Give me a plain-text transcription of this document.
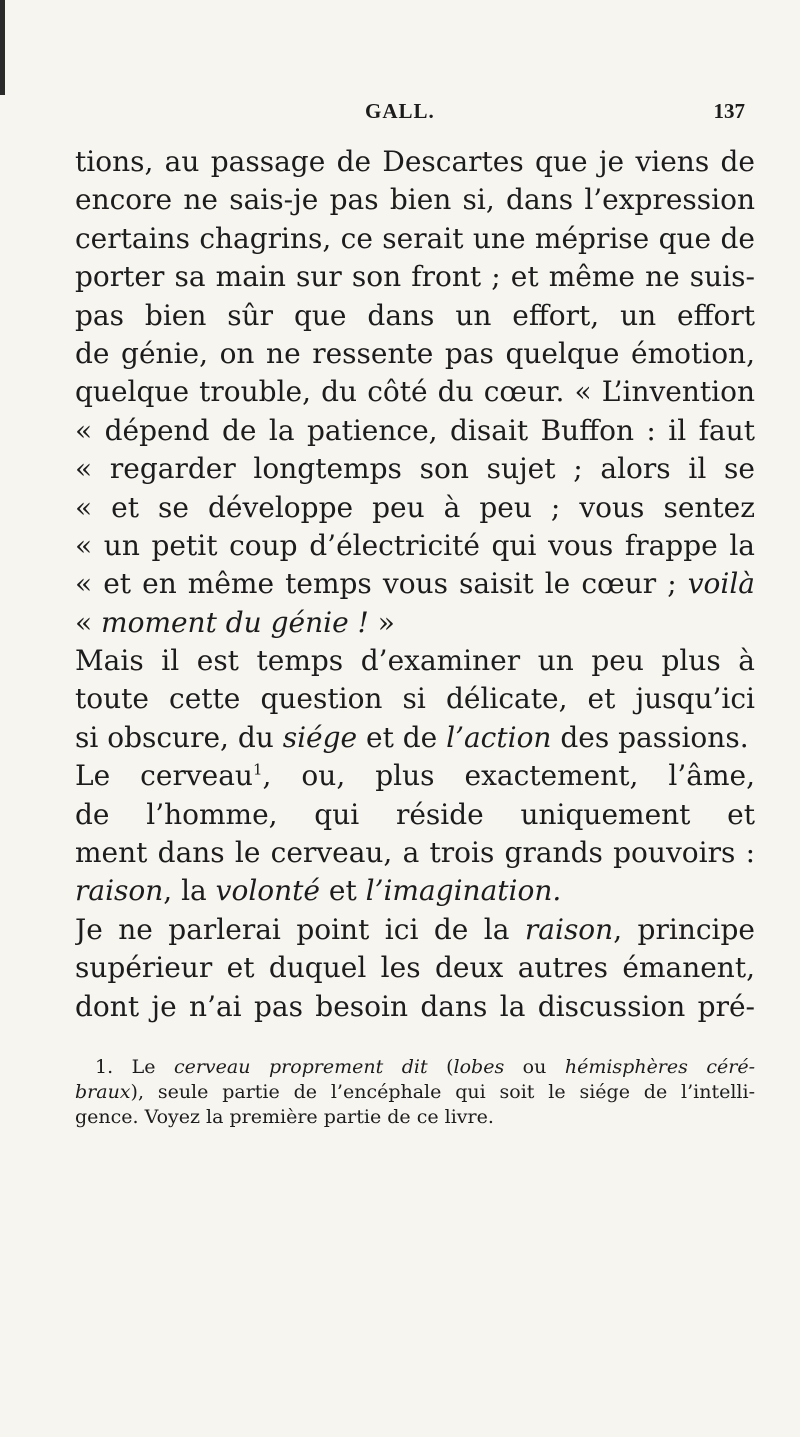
GALL.	137
tions, au passage de Descartes que je viens de
encore ne sais-je pas bien si, dans l’expression
certains chagrins, ce serait une méprise que de
porter sa main sur son front ; et même ne suis-
pas bien sûr que dans un effort, un effort
de génie, on ne ressente pas quelque émotion,
quelque trouble, du côté du cœur. « L’invention
« dépend de la patience, disait Buffon : il faut
« regarder longtemps son sujet ; alors il se
« et se développe peu à peu ; vous sentez
« un petit coup d’électricité qui vous frappe la
« et en même temps vous saisit le cœur ; voilà
« moment du génie ! »
Mais il est temps d’examiner un peu plus à
toute cette question si délicate, et jusqu’ici
si obscure, du siége et de l’action des passions.
Le cerveau$^1$, ou, plus exactement, l’âme,
de l’homme, qui réside uniquement et
ment dans le cerveau, a trois grands pouvoirs :
raison, la volonté et l’imagination.
Je ne parlerai point ici de la raison, principe
supérieur et duquel les deux autres émanent,
dont je n’ai pas besoin dans la discussion pré-
1. Le cerveau proprement dit (lobes ou hémisphères céré-
braux), seule partie de l’encéphale qui soit le siége de l’intelli-
gence. Voyez la première partie de ce livre.
